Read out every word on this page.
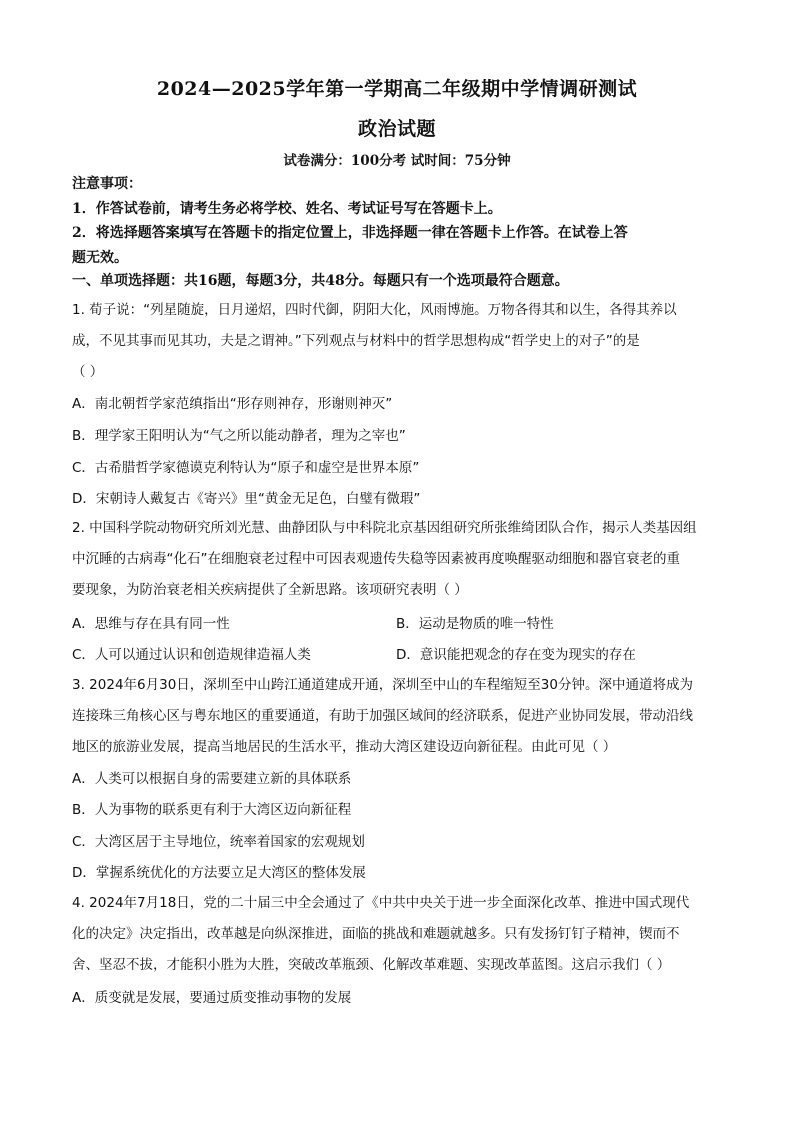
2024—2025学年第一学期高二年级期中学情调研测试
政治试题
试卷满分：100分考 试时间：75分钟
注意事项：
1．作答试卷前，请考生务必将学校、姓名、考试证号写在答题卡上。
2．将选择题答案填写在答题卡的指定位置上，非选择题一律在答题卡上作答。在试卷上答
题无效。
一、单项选择题：共16题，每题3分，共48分。每题只有一个选项最符合题意。
1. 荀子说：“列星随旋，日月递炤，四时代御，阴阳大化，风雨博施。万物各得其和以生，各得其养以
成，不见其事而见其功，夫是之谓神。”下列观点与材料中的哲学思想构成“哲学史上的对子”的是
（ ）
A．南北朝哲学家范缜指出“形存则神存，形谢则神灭”
B．理学家王阳明认为“气之所以能动静者，理为之宰也”
C．古希腊哲学家德谟克利特认为“原子和虚空是世界本原”
D．宋朝诗人戴复古《寄兴》里“黄金无足色，白璧有微瑕”
2. 中国科学院动物研究所刘光慧、曲静团队与中科院北京基因组研究所张维绮团队合作，揭示人类基因组
中沉睡的古病毒“化石”在细胞衰老过程中可因表观遗传失稳等因素被再度唤醒驱动细胞和器官衰老的重
要现象，为防治衰老相关疾病提供了全新思路。该项研究表明（ ）
A．思维与存在具有同一性	B．运动是物质的唯一特性
C．人可以通过认识和创造规律造福人类	D．意识能把观念的存在变为现实的存在
3. 2024年6月30日，深圳至中山跨江通道建成开通，深圳至中山的车程缩短至30分钟。深中通道将成为
连接珠三角核心区与粤东地区的重要通道，有助于加强区域间的经济联系，促进产业协同发展，带动沿线
地区的旅游业发展，提高当地居民的生活水平，推动大湾区建设迈向新征程。由此可见（ ）
A．人类可以根据自身的需要建立新的具体联系
B．人为事物的联系更有利于大湾区迈向新征程
C．大湾区居于主导地位，统率着国家的宏观规划
D．掌握系统优化的方法要立足大湾区的整体发展
4. 2024年7月18日，党的二十届三中全会通过了《中共中央关于进一步全面深化改革、推进中国式现代
化的决定》决定指出，改革越是向纵深推进，面临的挑战和难题就越多。只有发扬钉钉子精神，锲而不
舍、坚忍不拔，才能积小胜为大胜，突破改革瓶颈、化解改革难题、实现改革蓝图。这启示我们（ ）
A．质变就是发展，要通过质变推动事物的发展
